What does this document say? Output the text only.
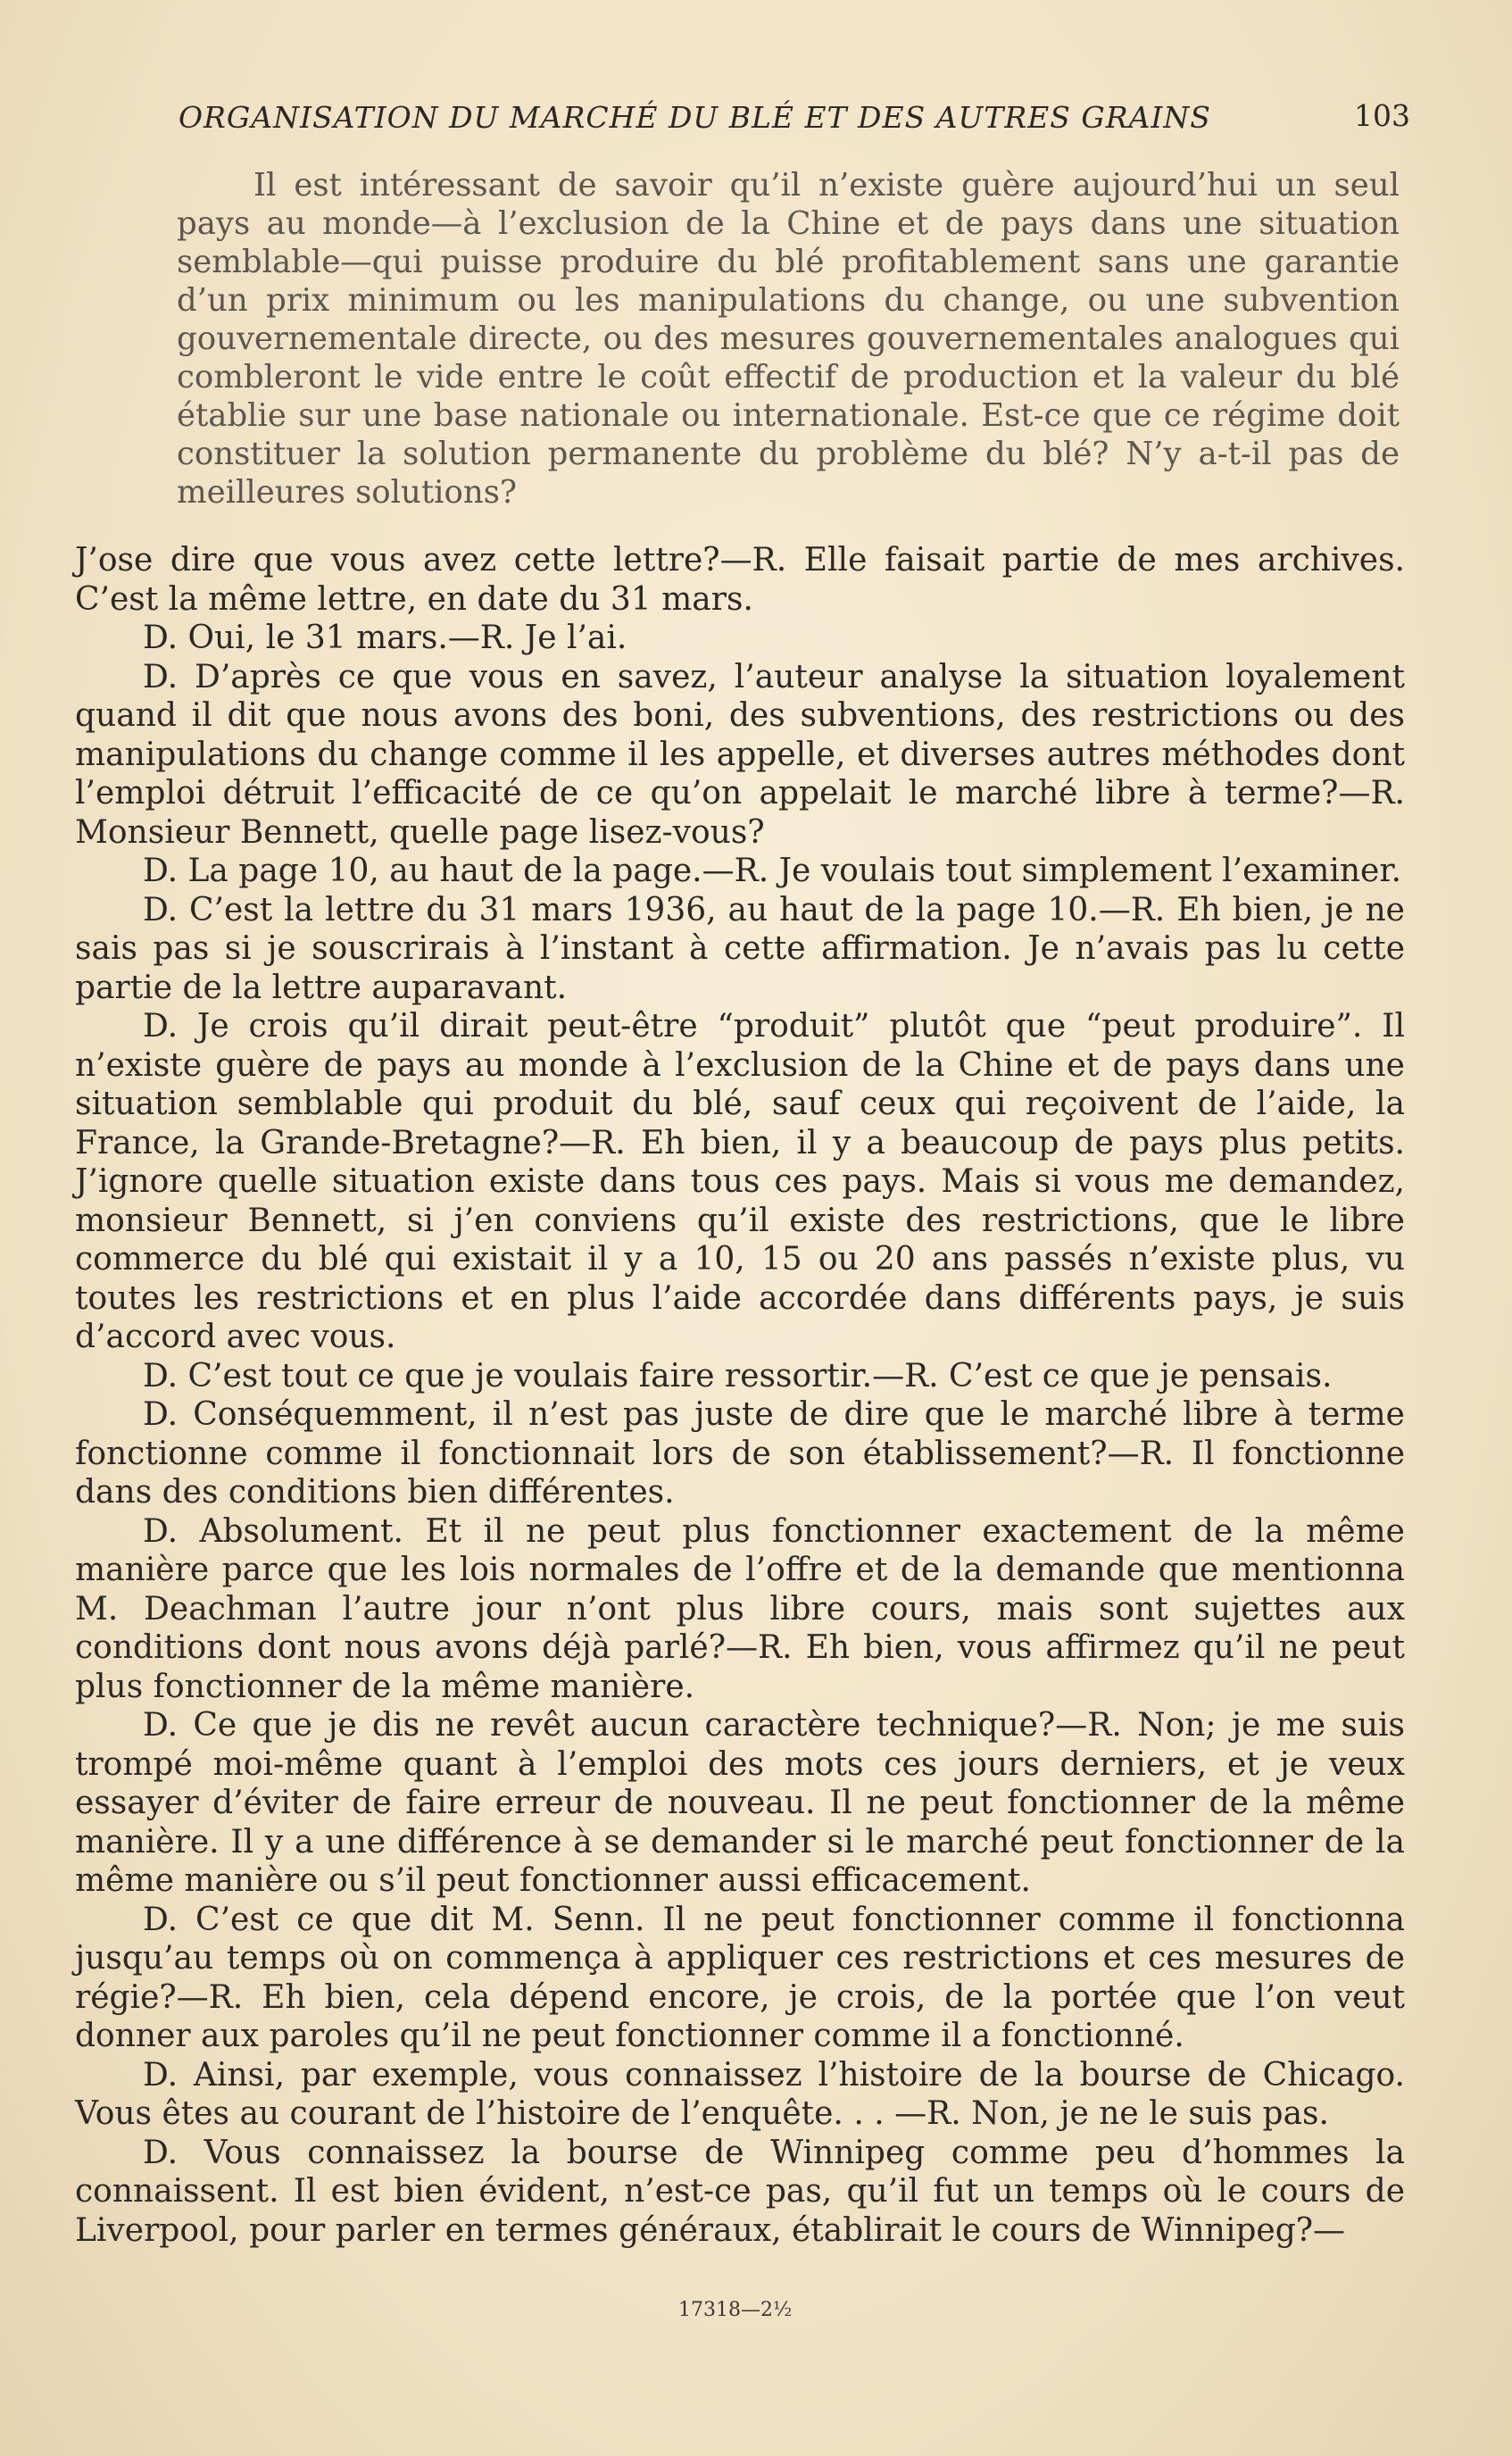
ORGANISATION DU MARCHÉ DU BLÉ ET DES AUTRES GRAINS	103

Il est intéressant de savoir qu’il n’existe guère aujourd’hui un seul pays au monde—à l’exclusion de la Chine et de pays dans une situation semblable—qui puisse produire du blé profitablement sans une garantie d’un prix minimum ou les manipulations du change, ou une subvention gouvernementale directe, ou des mesures gouvernementales analogues qui combleront le vide entre le coût effectif de production et la valeur du blé établie sur une base nationale ou internationale. Est-ce que ce régime doit constituer la solution permanente du problème du blé? N’y a-t-il pas de meilleures solutions?

J’ose dire que vous avez cette lettre?—R. Elle faisait partie de mes archives. C’est la même lettre, en date du 31 mars.

D. Oui, le 31 mars.—R. Je l’ai.

D. D’après ce que vous en savez, l’auteur analyse la situation loyalement quand il dit que nous avons des boni, des subventions, des restrictions ou des manipulations du change comme il les appelle, et diverses autres méthodes dont l’emploi détruit l’efficacité de ce qu’on appelait le marché libre à terme?—R. Monsieur Bennett, quelle page lisez-vous?

D. La page 10, au haut de la page.—R. Je voulais tout simplement l’examiner.

D. C’est la lettre du 31 mars 1936, au haut de la page 10.—R. Eh bien, je ne sais pas si je souscrirais à l’instant à cette affirmation. Je n’avais pas lu cette partie de la lettre auparavant.

D. Je crois qu’il dirait peut-être “produit” plutôt que “peut produire”. Il n’existe guère de pays au monde à l’exclusion de la Chine et de pays dans une situation semblable qui produit du blé, sauf ceux qui reçoivent de l’aide, la France, la Grande-Bretagne?—R. Eh bien, il y a beaucoup de pays plus petits. J’ignore quelle situation existe dans tous ces pays. Mais si vous me demandez, monsieur Bennett, si j’en conviens qu’il existe des restrictions, que le libre commerce du blé qui existait il y a 10, 15 ou 20 ans passés n’existe plus, vu toutes les restrictions et en plus l’aide accordée dans différents pays, je suis d’accord avec vous.

D. C’est tout ce que je voulais faire ressortir.—R. C’est ce que je pensais.

D. Conséquemment, il n’est pas juste de dire que le marché libre à terme fonctionne comme il fonctionnait lors de son établissement?—R. Il fonctionne dans des conditions bien différentes.

D. Absolument. Et il ne peut plus fonctionner exactement de la même manière parce que les lois normales de l’offre et de la demande que mentionna M. Deachman l’autre jour n’ont plus libre cours, mais sont sujettes aux conditions dont nous avons déjà parlé?—R. Eh bien, vous affirmez qu’il ne peut plus fonctionner de la même manière.

D. Ce que je dis ne revêt aucun caractère technique?—R. Non; je me suis trompé moi-même quant à l’emploi des mots ces jours derniers, et je veux essayer d’éviter de faire erreur de nouveau. Il ne peut fonctionner de la même manière. Il y a une différence à se demander si le marché peut fonctionner de la même manière ou s’il peut fonctionner aussi efficacement.

D. C’est ce que dit M. Senn. Il ne peut fonctionner comme il fonctionna jusqu’au temps où on commença à appliquer ces restrictions et ces mesures de régie?—R. Eh bien, cela dépend encore, je crois, de la portée que l’on veut donner aux paroles qu’il ne peut fonctionner comme il a fonctionné.

D. Ainsi, par exemple, vous connaissez l’histoire de la bourse de Chicago. Vous êtes au courant de l’histoire de l’enquête. . . —R. Non, je ne le suis pas.

D. Vous connaissez la bourse de Winnipeg comme peu d’hommes la connaissent. Il est bien évident, n’est-ce pas, qu’il fut un temps où le cours de Liverpool, pour parler en termes généraux, établirait le cours de Winnipeg?—

17318—2½
